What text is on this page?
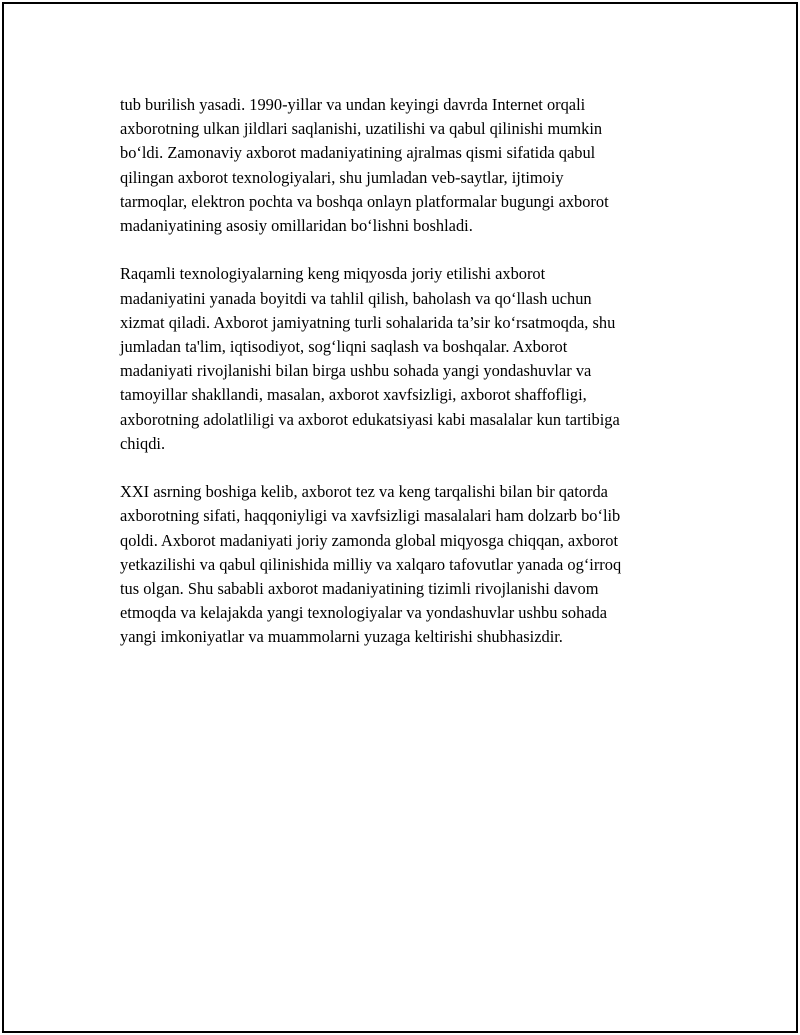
tub burilish yasadi. 1990-yillar va undan keyingi davrda Internet orqali
axborotning ulkan jildlari saqlanishi, uzatilishi va qabul qilinishi mumkin
bo‘ldi. Zamonaviy axborot madaniyatining ajralmas qismi sifatida qabul
qilingan axborot texnologiyalari, shu jumladan veb-saytlar, ijtimoiy
tarmoqlar, elektron pochta va boshqa onlayn platformalar bugungi axborot
madaniyatining asosiy omillaridan bo‘lishni boshladi.

Raqamli texnologiyalarning keng miqyosda joriy etilishi axborot
madaniyatini yanada boyitdi va tahlil qilish, baholash va qo‘llash uchun
xizmat qiladi. Axborot jamiyatning turli sohalarida ta’sir ko‘rsatmoqda, shu
jumladan ta'lim, iqtisodiyot, sog‘liqni saqlash va boshqalar. Axborot
madaniyati rivojlanishi bilan birga ushbu sohada yangi yondashuvlar va
tamoyillar shakllandi, masalan, axborot xavfsizligi, axborot shaffofligi,
axborotning adolatliligi va axborot edukatsiyasi kabi masalalar kun tartibiga
chiqdi.

XXI asrning boshiga kelib, axborot tez va keng tarqalishi bilan bir qatorda
axborotning sifati, haqqoniyligi va xavfsizligi masalalari ham dolzarb bo‘lib
qoldi. Axborot madaniyati joriy zamonda global miqyosga chiqqan, axborot
yetkazilishi va qabul qilinishida milliy va xalqaro tafovutlar yanada og‘irroq
tus olgan. Shu sababli axborot madaniyatining tizimli rivojlanishi davom
etmoqda va kelajakda yangi texnologiyalar va yondashuvlar ushbu sohada
yangi imkoniyatlar va muammolarni yuzaga keltirishi shubhasizdir.
